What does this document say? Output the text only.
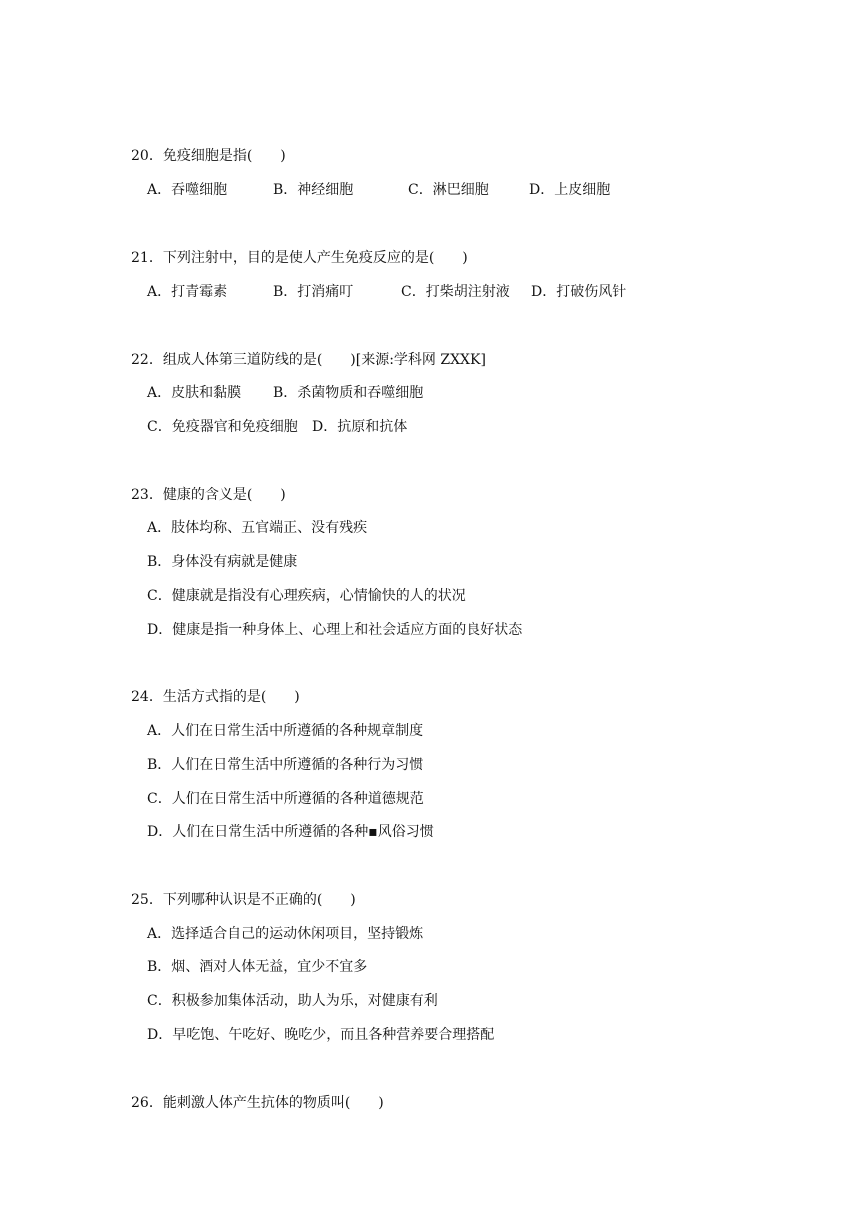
20．免疫细胞是指(　　)
A．吞噬细胞	B．神经细胞	C．淋巴细胞	D．上皮细胞
21．下列注射中，目的是使人产生免疫反应的是(　　)
A．打青霉素	B．打消痛叮	C．打柴胡注射液	D．打破伤风针
22．组成人体第三道防线的是(　　)[来源:学科网 ZXXK]
A．皮肤和黏膜	B．杀菌物质和吞噬细胞
C．免疫器官和免疫细胞	D．抗原和抗体
23．健康的含义是(　　)
A．肢体均称、五官端正、没有残疾
B．身体没有病就是健康
C．健康就是指没有心理疾病，心情愉快的人的状况
D．健康是指一种身体上、心理上和社会适应方面的良好状态
24．生活方式指的是(　　)
A．人们在日常生活中所遵循的各种规章制度
B．人们在日常生活中所遵循的各种行为习惯
C．人们在日常生活中所遵循的各种道德规范
D．人们在日常生活中所遵循的各种▪风俗习惯
25．下列哪种认识是不正确的(　　)
A．选择适合自己的运动休闲项目，坚持锻炼
B．烟、酒对人体无益，宜少不宜多
C．积极参加集体活动，助人为乐，对健康有利
D．早吃饱、午吃好、晚吃少，而且各种营养要合理搭配
26．能刺激人体产生抗体的物质叫(　　)
